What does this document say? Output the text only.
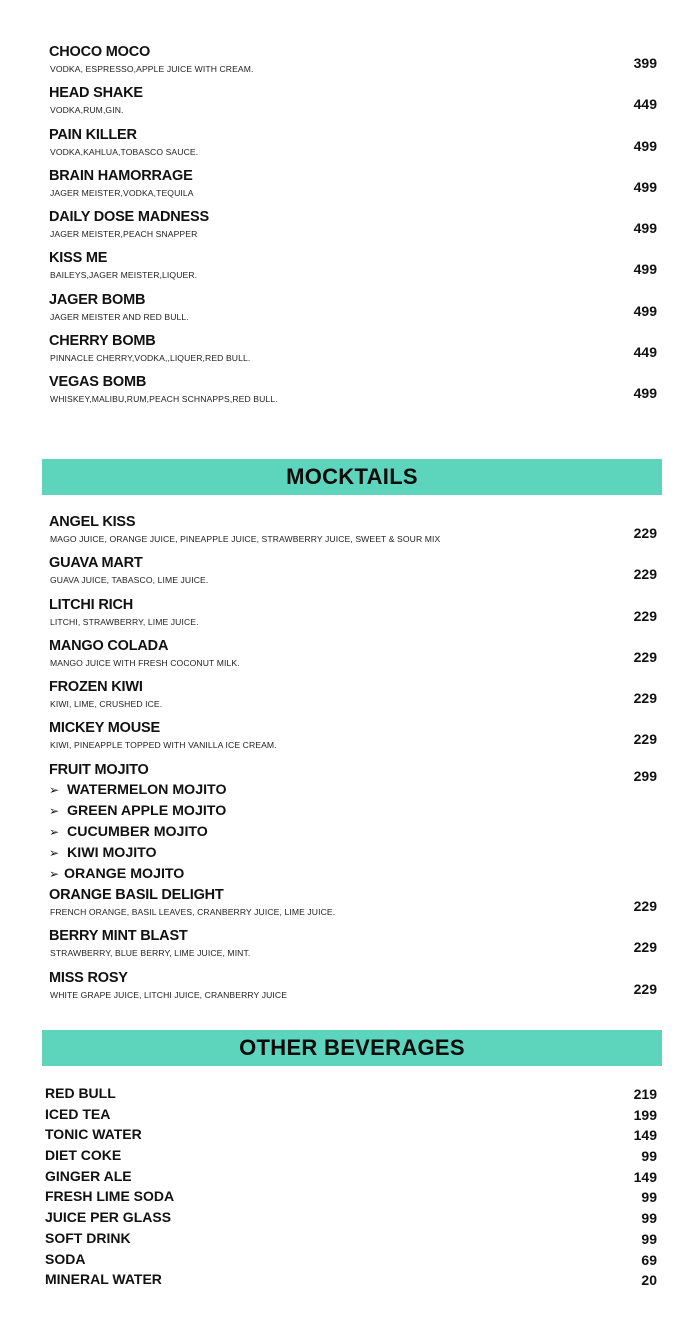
CHOCO MOCO
VODKA, ESPRESSO,APPLE JUICE WITH CREAM.	399
HEAD SHAKE
VODKA,RUM,GIN.	449
PAIN KILLER
VODKA,KAHLUA,TOBASCO SAUCE.	499
BRAIN HAMORRAGE
JAGER MEISTER,VODKA,TEQUILA	499
DAILY DOSE MADNESS
JAGER MEISTER,PEACH SNAPPER	499
KISS ME
BAILEYS,JAGER MEISTER,LIQUER.	499
JAGER BOMB
JAGER MEISTER AND RED BULL.	499
CHERRY BOMB
PINNACLE CHERRY,VODKA,,LIQUER,RED BULL.	449
VEGAS BOMB
WHISKEY,MALIBU,RUM,PEACH SCHNAPPS,RED BULL.	499
MOCKTAILS
ANGEL KISS
MAGO JUICE, ORANGE JUICE, PINEAPPLE JUICE, STRAWBERRY JUICE, SWEET & SOUR MIX	229
GUAVA MART
GUAVA JUICE, TABASCO, LIME JUICE.	229
LITCHI RICH
LITCHI, STRAWBERRY, LIME JUICE.	229
MANGO COLADA
MANGO JUICE WITH FRESH COCONUT MILK.	229
FROZEN KIWI
KIWI, LIME, CRUSHED ICE.	229
MICKEY MOUSE
KIWI, PINEAPPLE TOPPED WITH VANILLA ICE CREAM.	229
FRUIT MOJITO	299
➢ WATERMELON MOJITO
➢ GREEN APPLE MOJITO
➢ CUCUMBER MOJITO
➢ KIWI MOJITO
➢ ORANGE MOJITO
ORANGE BASIL DELIGHT
FRENCH ORANGE, BASIL LEAVES, CRANBERRY JUICE, LIME JUICE.	229
BERRY MINT BLAST
STRAWBERRY, BLUE BERRY, LIME JUICE, MINT.	229
MISS ROSY
WHITE GRAPE JUICE, LITCHI JUICE, CRANBERRY JUICE	229
OTHER BEVERAGES
RED BULL	219
ICED TEA	199
TONIC WATER	149
DIET COKE	99
GINGER ALE	149
FRESH LIME SODA	99
JUICE PER GLASS	99
SOFT DRINK	99
SODA	69
MINERAL WATER	20
